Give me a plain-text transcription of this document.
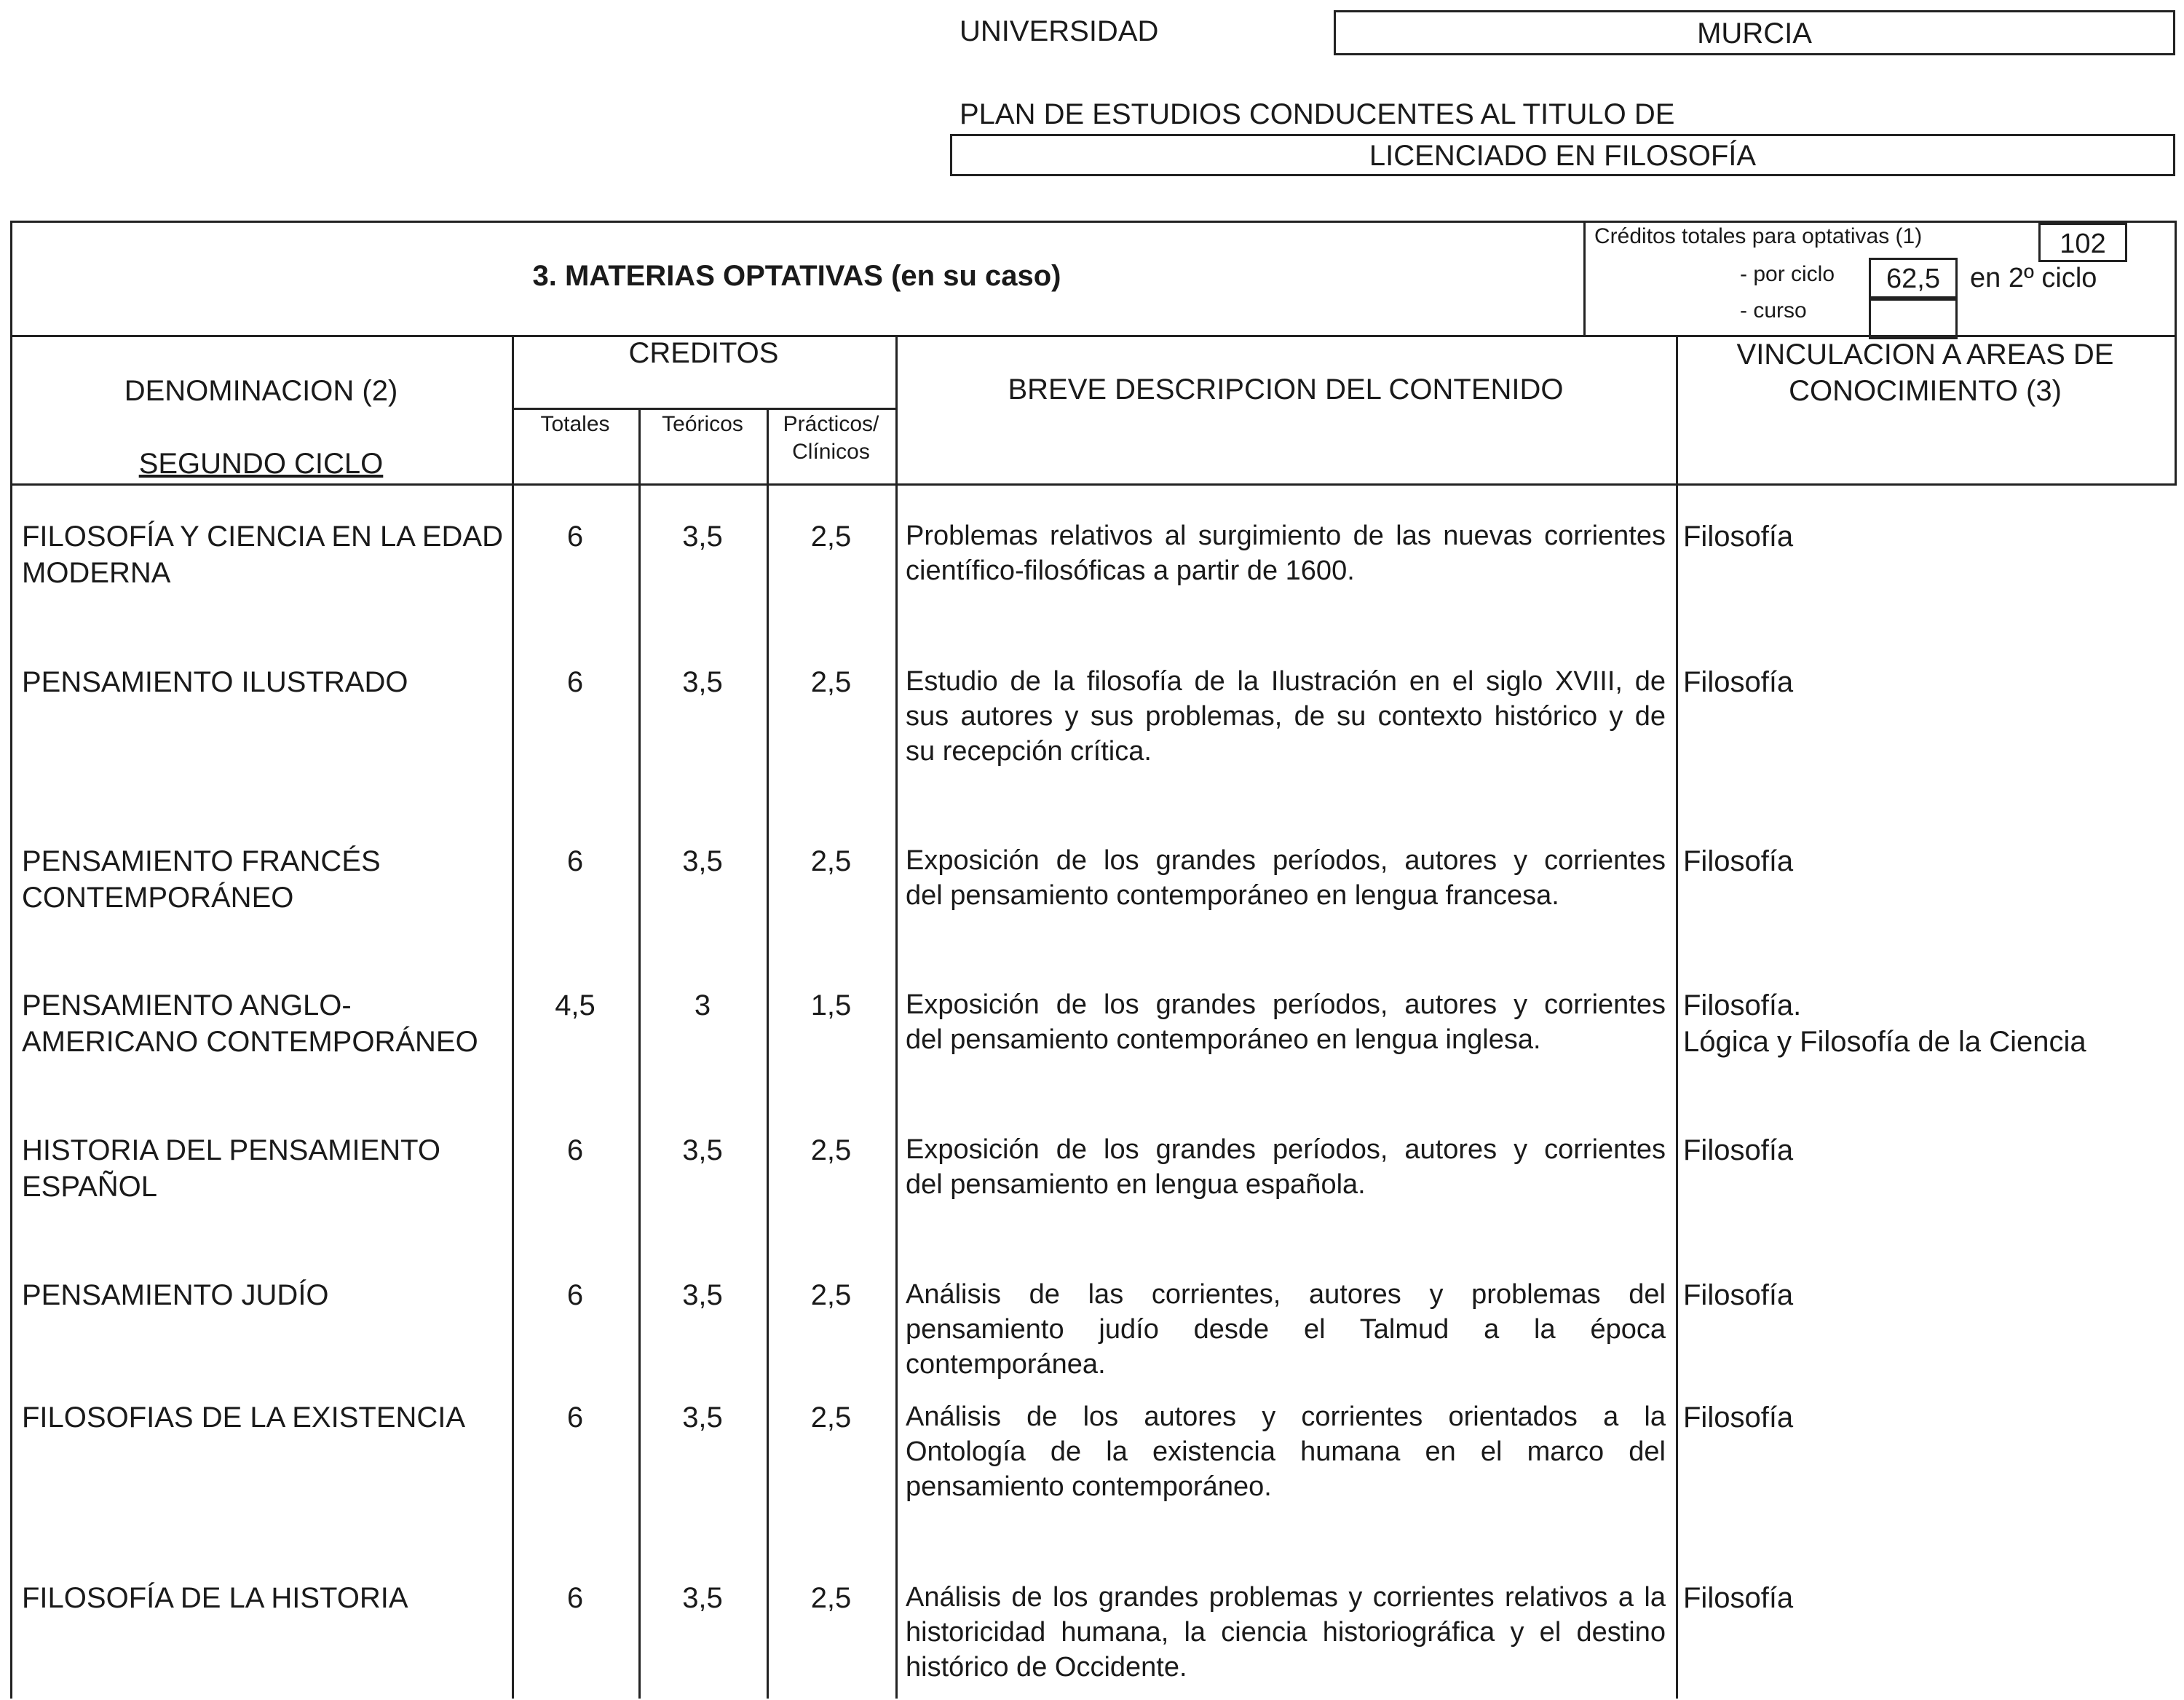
UNIVERSIDAD	MURCIA
PLAN DE ESTUDIOS CONDUCENTES AL TITULO DE
LICENCIADO EN FILOSOFÍA
3. MATERIAS OPTATIVAS (en su caso)
Créditos totales para optativas (1)	102
- por ciclo	62,5	en 2º ciclo
- curso
DENOMINACION (2)
SEGUNDO CICLO
CREDITOS
Totales	Teóricos	Prácticos/
Clínicos
BREVE DESCRIPCION DEL CONTENIDO
VINCULACION A AREAS DE
CONOCIMIENTO (3)
FILOSOFÍA Y CIENCIA EN LA EDAD
MODERNA
6	3,5	2,5	Problemas relativos al surgimiento de las nuevas corrientes
científico-filosóficas a partir de 1600.
Filosofía
PENSAMIENTO ILUSTRADO	6	3,5	2,5	Estudio de la filosofía de la Ilustración en el siglo XVIII, de
sus autores y sus problemas, de su contexto histórico y de
su recepción crítica.
Filosofía
PENSAMIENTO FRANCÉS
CONTEMPORÁNEO
6	3,5	2,5	Exposición de los grandes períodos, autores y corrientes
del pensamiento contemporáneo en lengua francesa.
Filosofía
PENSAMIENTO ANGLO-
AMERICANO CONTEMPORÁNEO
4,5	3	1,5	Exposición de los grandes períodos, autores y corrientes
del pensamiento contemporáneo en lengua inglesa.
Filosofía.
Lógica y Filosofía de la Ciencia
HISTORIA DEL PENSAMIENTO
ESPAÑOL
6	3,5	2,5	Exposición de los grandes períodos, autores y corrientes
del pensamiento en lengua española.
Filosofía
PENSAMIENTO JUDÍO	6	3,5	2,5	Análisis de las corrientes, autores y problemas del
pensamiento judío desde el Talmud a la época
contemporánea.
Filosofía
FILOSOFIAS DE LA EXISTENCIA	6	3,5	2,5	Análisis de los autores y corrientes orientados a la
Ontología de la existencia humana en el marco del
pensamiento contemporáneo.
Filosofía
FILOSOFÍA DE LA HISTORIA	6	3,5	2,5	Análisis de los grandes problemas y corrientes relativos a la
historicidad humana, la ciencia historiográfica y el destino
histórico de Occidente.
Filosofía
